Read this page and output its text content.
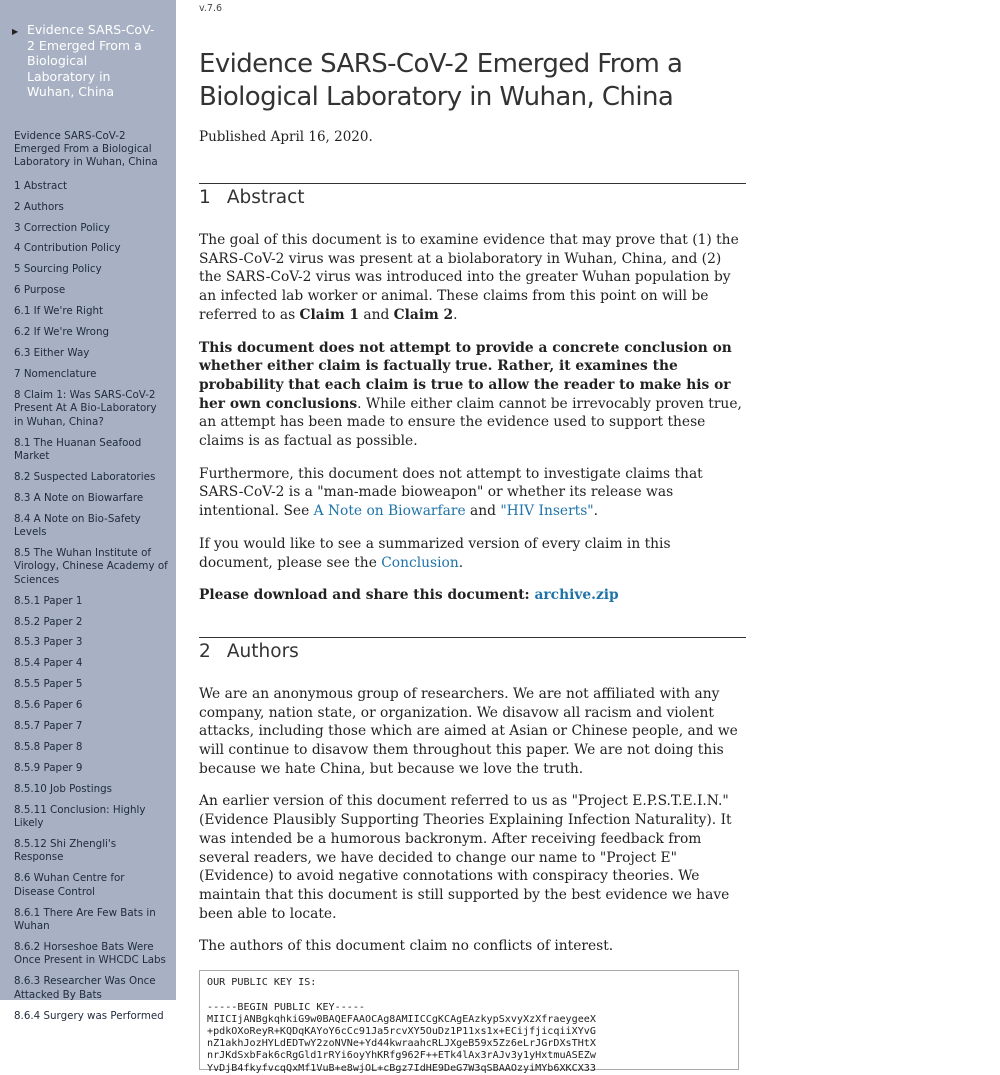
▶ Evidence SARS-CoV-2 Emerged From a Biological Laboratory in Wuhan, China
Evidence SARS-CoV-2 Emerged From a Biological Laboratory in Wuhan, China
1 Abstract
2 Authors
3 Correction Policy
4 Contribution Policy
5 Sourcing Policy
6 Purpose
6.1 If We're Right
6.2 If We're Wrong
6.3 Either Way
7 Nomenclature
8 Claim 1: Was SARS-CoV-2 Present At A Bio-Laboratory in Wuhan, China?
8.1 The Huanan Seafood Market
8.2 Suspected Laboratories
8.3 A Note on Biowarfare
8.4 A Note on Bio-Safety Levels
8.5 The Wuhan Institute of Virology, Chinese Academy of Sciences
8.5.1 Paper 1
8.5.2 Paper 2
8.5.3 Paper 3
8.5.4 Paper 4
8.5.5 Paper 5
8.5.6 Paper 6
8.5.7 Paper 7
8.5.8 Paper 8
8.5.9 Paper 9
8.5.10 Job Postings
8.5.11 Conclusion: Highly Likely
8.5.12 Shi Zhengli's Response
8.6 Wuhan Centre for Disease Control
8.6.1 There Are Few Bats in Wuhan
8.6.2 Horseshoe Bats Were Once Present in WHCDC Labs
8.6.3 Researcher Was Once Attacked By Bats
8.6.4 Surgery was Performed
v.7.6
Evidence SARS-CoV-2 Emerged From a Biological Laboratory in Wuhan, China
Published April 16, 2020.
1 Abstract

The goal of this document is to examine evidence that may prove that (1) the SARS-CoV-2 virus was present at a biolaboratory in Wuhan, China, and (2) the SARS-CoV-2 virus was introduced into the greater Wuhan population by an infected lab worker or animal. These claims from this point on will be referred to as Claim 1 and Claim 2.

This document does not attempt to provide a concrete conclusion on whether either claim is factually true. Rather, it examines the probability that each claim is true to allow the reader to make his or her own conclusions. While either claim cannot be irrevocably proven true, an attempt has been made to ensure the evidence used to support these claims is as factual as possible.

Furthermore, this document does not attempt to investigate claims that SARS-CoV-2 is a "man-made bioweapon" or whether its release was intentional. See A Note on Biowarfare and "HIV Inserts".

If you would like to see a summarized version of every claim in this document, please see the Conclusion.

Please download and share this document: archive.zip

2 Authors

We are an anonymous group of researchers. We are not affiliated with any company, nation state, or organization. We disavow all racism and violent attacks, including those which are aimed at Asian or Chinese people, and we will continue to disavow them throughout this paper. We are not doing this because we hate China, but because we love the truth.

An earlier version of this document referred to us as "Project E.P.S.T.E.I.N." (Evidence Plausibly Supporting Theories Explaining Infection Naturality). It was intended be a humorous backronym. After receiving feedback from several readers, we have decided to change our name to "Project E" (Evidence) to avoid negative connotations with conspiracy theories. We maintain that this document is still supported by the best evidence we have been able to locate.

The authors of this document claim no conflicts of interest.

OUR PUBLIC KEY IS:

-----BEGIN PUBLIC KEY-----
MIICIjANBgkqhkiG9w0BAQEFAAOCAg8AMIICCgKCAgEAzkypSxvyXzXfraeygeeX
+pdkOXoReyR+KQDqKAYoY6cCc91Ja5rcvXY5OuDz1P11xs1x+ECijfjicqiiXYvG
nZ1akhJozHYLdEDTwY2zoNVNe+Yd44kwraahcRLJXgeB59x5Zz6eLrJGrDXsTHtX
nrJKdSxbFak6cRgGld1rRYi6oyYhKRfg962F++ETk4lAx3rAJv3y1yHxtmuASEZw
YvDjB4fkyfvcqQxMf1VuB+e8wjOL+cBgz7IdHE9DeG7W3qSBAAOzyiMYb6XKCX33
